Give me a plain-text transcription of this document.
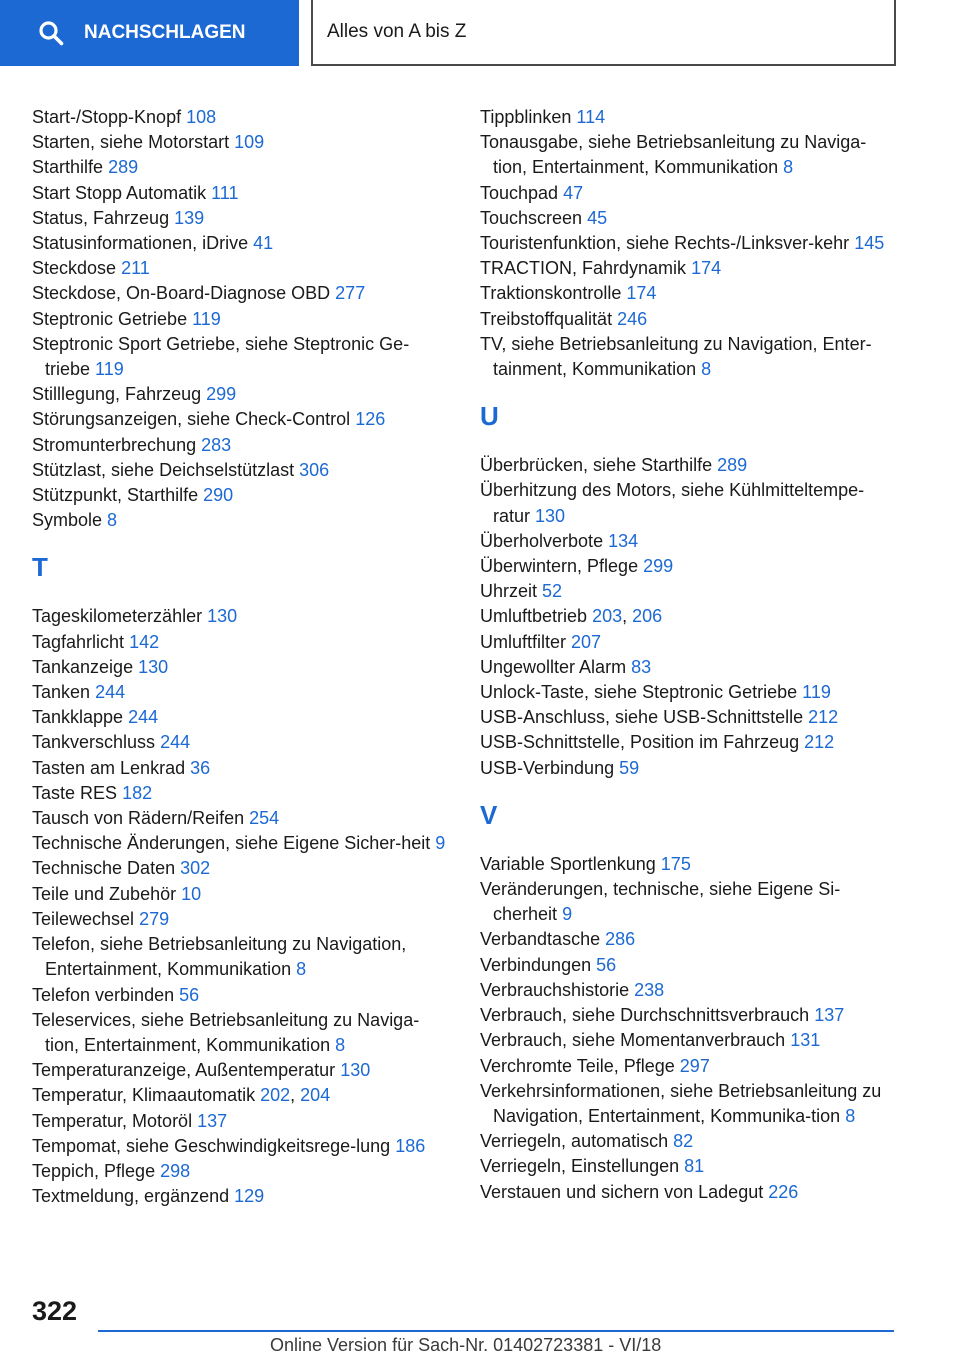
NACHSCHLAGEN	Alles von A bis Z
Start-/Stopp-Knopf 108
Starten, siehe Motorstart 109
Starthilfe 289
Start Stopp Automatik 111
Status, Fahrzeug 139
Statusinformationen, iDrive 41
Steckdose 211
Steckdose, On-Board-Diagnose OBD 277
Steptronic Getriebe 119
Steptronic Sport Getriebe, siehe Steptronic Ge‐triebe 119
Stilllegung, Fahrzeug 299
Störungsanzeigen, siehe Check-Control 126
Stromunterbrechung 283
Stützlast, siehe Deichselstützlast 306
Stützpunkt, Starthilfe 290
Symbole 8
T
Tageskilometerzähler 130
Tagfahrlicht 142
Tankanzeige 130
Tanken 244
Tankklappe 244
Tankverschluss 244
Tasten am Lenkrad 36
Taste RES 182
Tausch von Rädern/Reifen 254
Technische Änderungen, siehe Eigene Sicher‐heit 9
Technische Daten 302
Teile und Zubehör 10
Teilewechsel 279
Telefon, siehe Betriebsanleitung zu Navigation, Entertainment, Kommunikation 8
Telefon verbinden 56
Teleservices, siehe Betriebsanleitung zu Naviga‐tion, Entertainment, Kommunikation 8
Temperaturanzeige, Außentemperatur 130
Temperatur, Klimaautomatik 202, 204
Temperatur, Motoröl 137
Tempomat, siehe Geschwindigkeitsrege‐lung 186
Teppich, Pflege 298
Textmeldung, ergänzend 129
Tippblinken 114
Tonausgabe, siehe Betriebsanleitung zu Naviga‐tion, Entertainment, Kommunikation 8
Touchpad 47
Touchscreen 45
Touristenfunktion, siehe Rechts-/Linksver‐kehr 145
TRACTION, Fahrdynamik 174
Traktionskontrolle 174
Treibstoffqualität 246
TV, siehe Betriebsanleitung zu Navigation, Enter‐tainment, Kommunikation 8
U
Überbrücken, siehe Starthilfe 289
Überhitzung des Motors, siehe Kühlmitteltempe‐ratur 130
Überholverbote 134
Überwintern, Pflege 299
Uhrzeit 52
Umluftbetrieb 203, 206
Umluftfilter 207
Ungewollter Alarm 83
Unlock-Taste, siehe Steptronic Getriebe 119
USB-Anschluss, siehe USB-Schnittstelle 212
USB-Schnittstelle, Position im Fahrzeug 212
USB-Verbindung 59
V
Variable Sportlenkung 175
Veränderungen, technische, siehe Eigene Si‐cherheit 9
Verbandtasche 286
Verbindungen 56
Verbrauchshistorie 238
Verbrauch, siehe Durchschnittsverbrauch 137
Verbrauch, siehe Momentanverbrauch 131
Verchromte Teile, Pflege 297
Verkehrsinformationen, siehe Betriebsanleitung zu Navigation, Entertainment, Kommunika‐tion 8
Verriegeln, automatisch 82
Verriegeln, Einstellungen 81
Verstauen und sichern von Ladegut 226
322
Online Version für Sach-Nr. 01402723381 - VI/18
